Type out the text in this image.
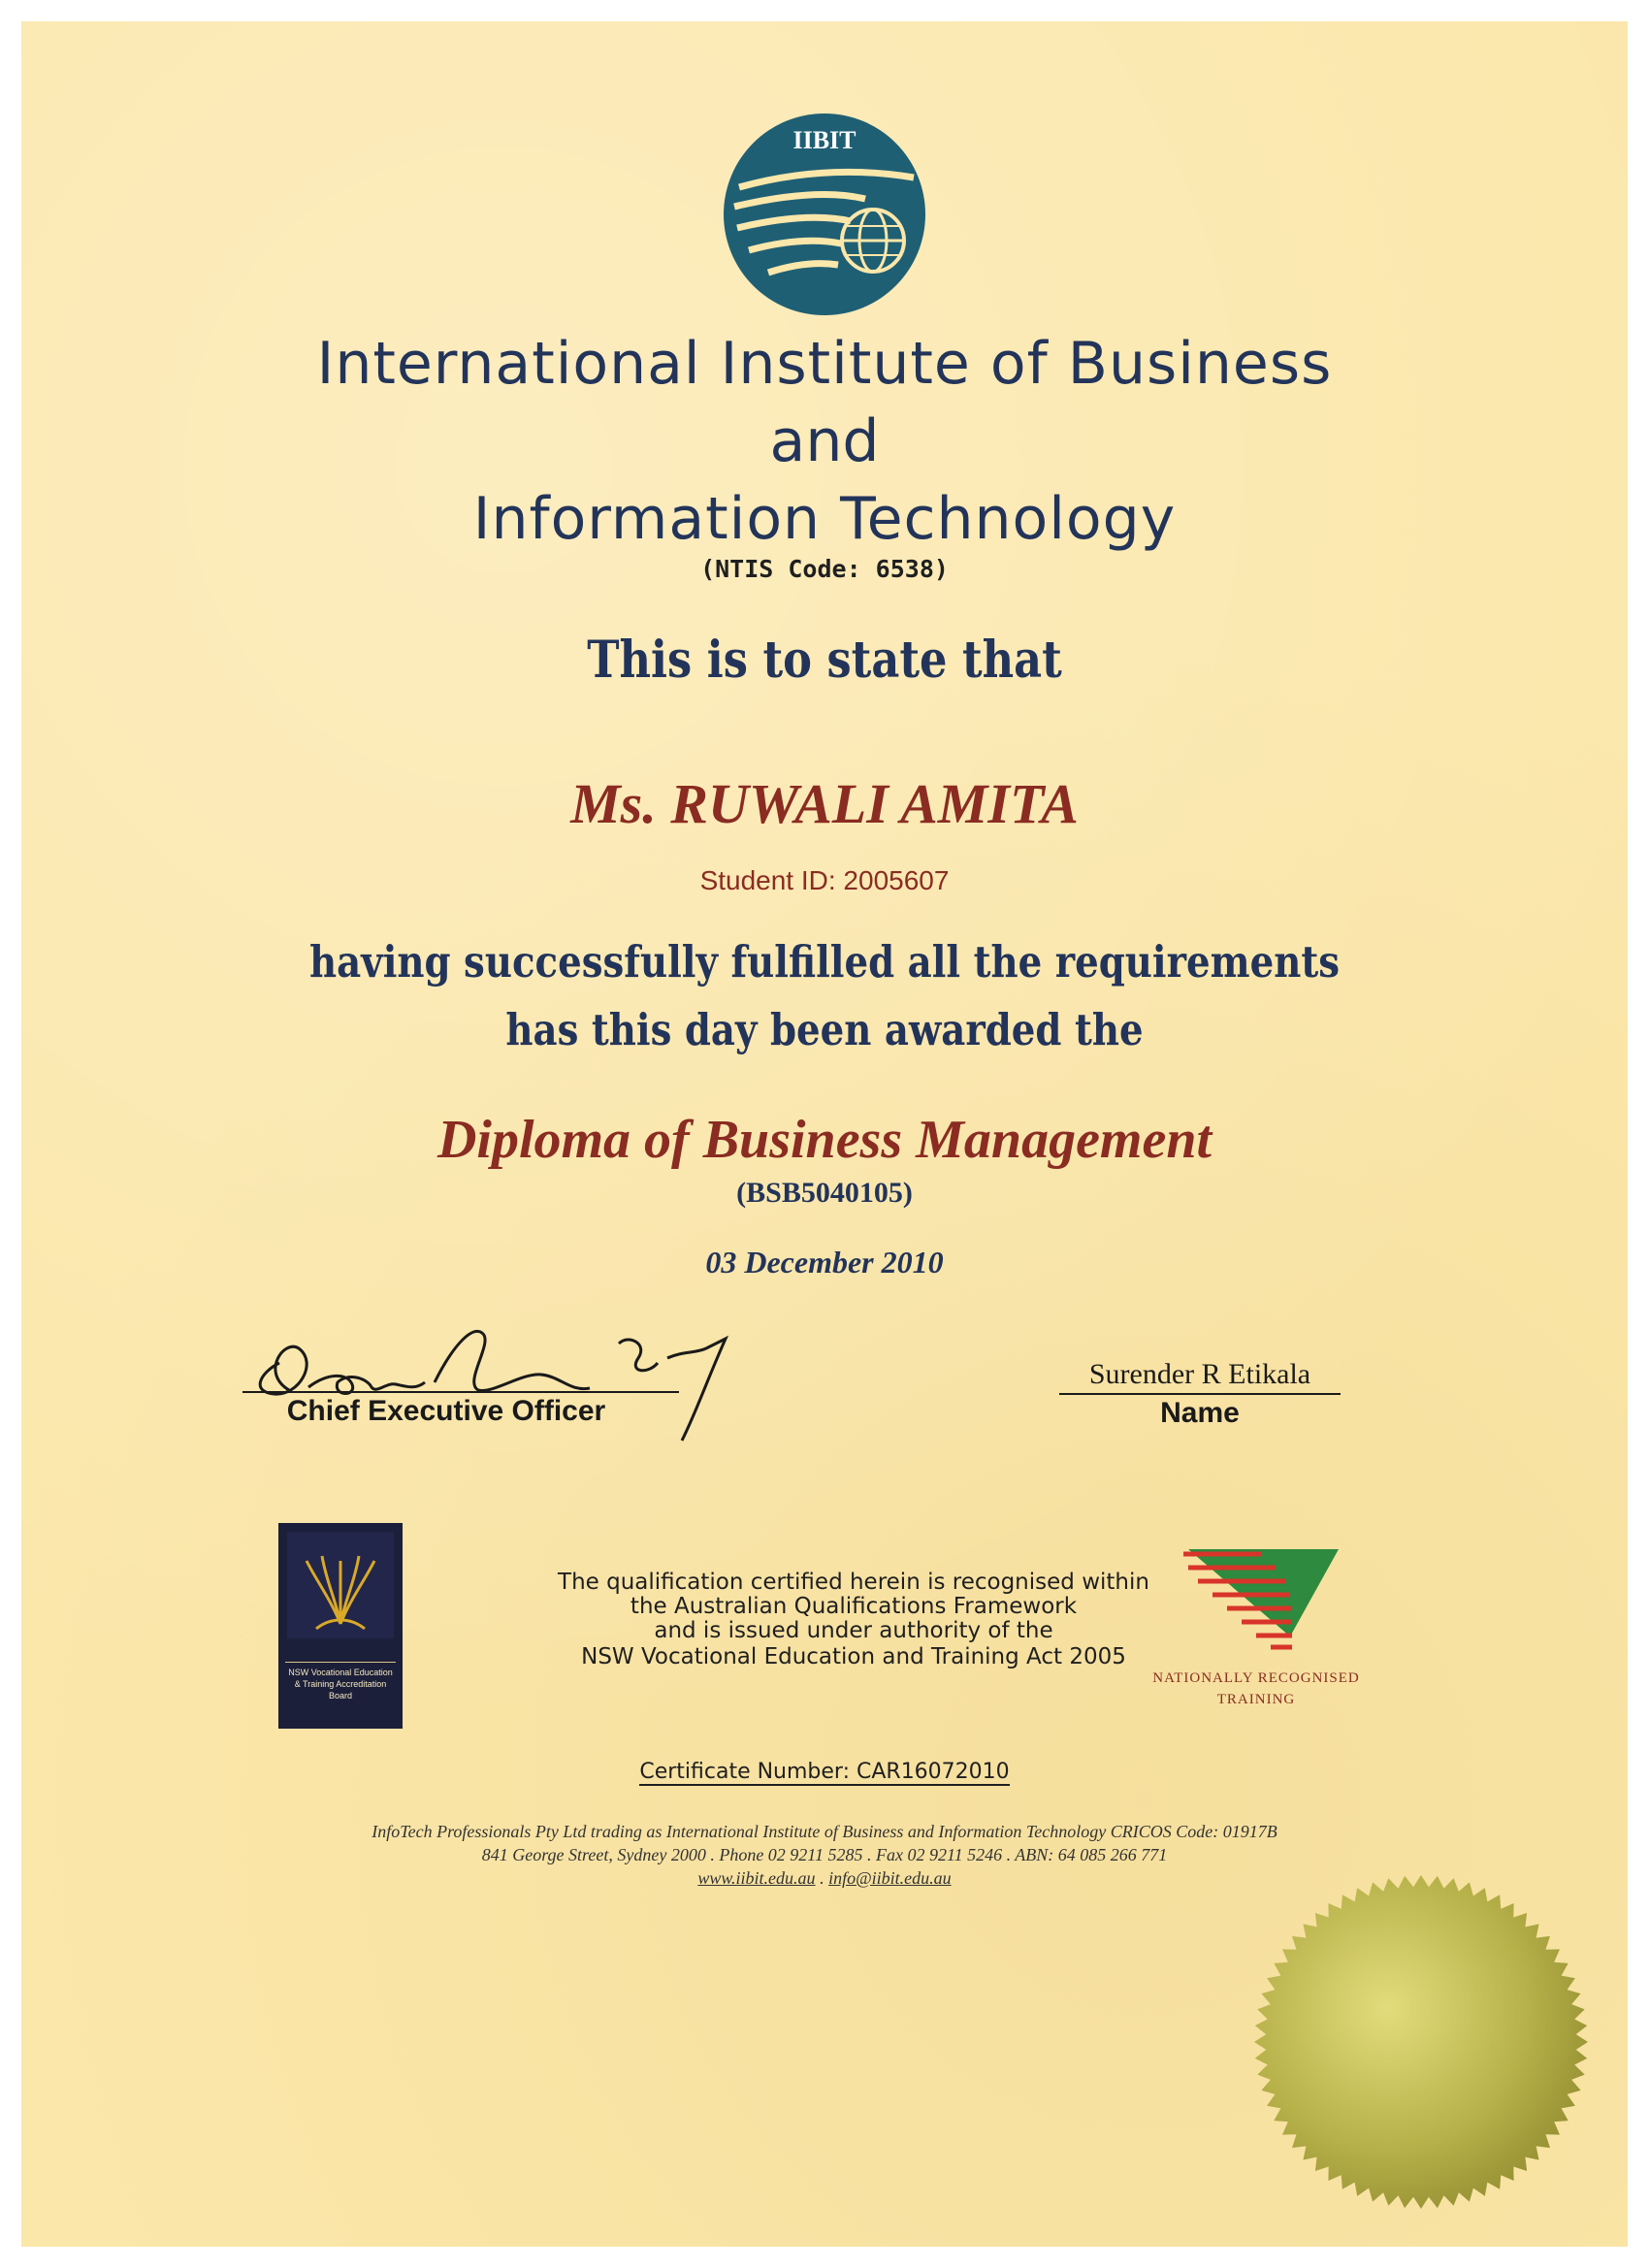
IIBIT
International Institute of Business
and
Information Technology
(NTIS Code: 6538)
This is to state that
Ms. RUWALI AMITA
Student ID: 2005607
having successfully fulfilled all the requirements
has this day been awarded the
Diploma of Business Management
(BSB5040105)
03 December 2010
Chief Executive Officer
Surender R Etikala
Name
NSW Vocational Education & Training Accreditation Board
The qualification certified herein is recognised within
the Australian Qualifications Framework
and is issued under authority of the
NSW Vocational Education and Training Act 2005
NATIONALLY RECOGNISED
TRAINING
Certificate Number: CAR16072010
InfoTech Professionals Pty Ltd trading as International Institute of Business and Information Technology CRICOS Code: 01917B
841 George Street, Sydney 2000 . Phone 02 9211 5285 . Fax 02 9211 5246 . ABN: 64 085 266 771
www.iibit.edu.au . info@iibit.edu.au
